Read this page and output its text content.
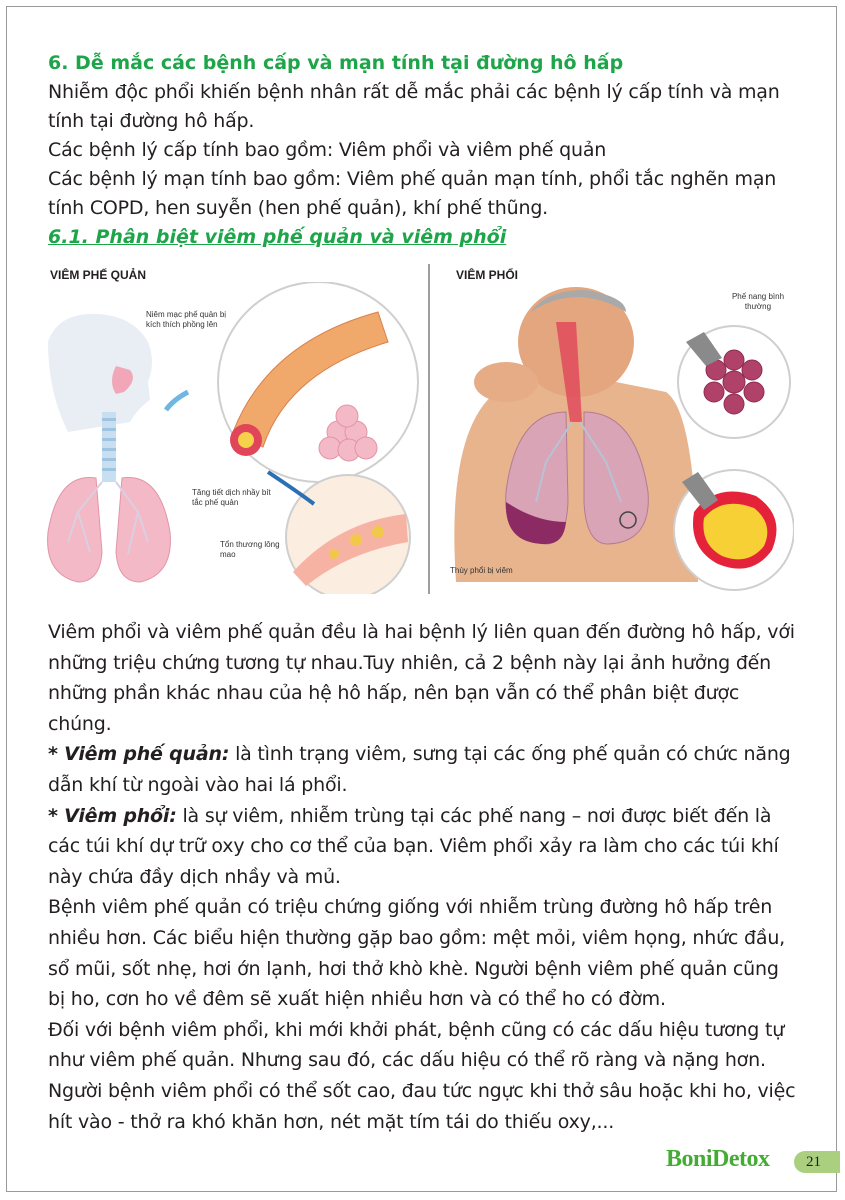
6. Dễ mắc các bệnh cấp và mạn tính tại đường hô hấp

Nhiễm độc phổi khiến bệnh nhân rất dễ mắc phải các bệnh lý cấp tính và mạn tính tại đường hô hấp.

Các bệnh lý cấp tính bao gồm: Viêm phổi và viêm phế quản

Các bệnh lý mạn tính bao gồm: Viêm phế quản mạn tính, phổi tắc nghẽn mạn tính COPD, hen suyễn (hen phế quản), khí phế thũng.

6.1. Phân biệt viêm phế quản và viêm phổi

VIÊM PHẾ QUẢN
Niêm mạc phế quản bị kích thích phồng lên
Tăng tiết dịch nhầy bít tắc phế quản
Tổn thương lông mao
VIÊM PHỔI
Phế nang bình thường
Thùy phổi bị viêm

Viêm phổi và viêm phế quản đều là hai bệnh lý liên quan đến đường hô hấp, với những triệu chứng tương tự nhau.Tuy nhiên, cả 2 bệnh này lại ảnh hưởng đến những phần khác nhau của hệ hô hấp, nên bạn vẫn có thể phân biệt được chúng.

* Viêm phế quản: là tình trạng viêm, sưng tại các ống phế quản có chức năng dẫn khí từ ngoài vào hai lá phổi.

* Viêm phổi: là sự viêm, nhiễm trùng tại các phế nang – nơi được biết đến là các túi khí dự trữ oxy cho cơ thể của bạn. Viêm phổi xảy ra làm cho các túi khí này chứa đầy dịch nhầy và mủ.

Bệnh viêm phế quản có triệu chứng giống với nhiễm trùng đường hô hấp trên nhiều hơn. Các biểu hiện thường gặp bao gồm: mệt mỏi, viêm họng, nhức đầu, sổ mũi, sốt nhẹ, hơi ớn lạnh, hơi thở khò khè. Người bệnh viêm phế quản cũng bị ho, cơn ho về đêm sẽ xuất hiện nhiều hơn và có thể ho có đờm.

Đối với bệnh viêm phổi, khi mới khởi phát, bệnh cũng có các dấu hiệu tương tự như viêm phế quản. Nhưng sau đó, các dấu hiệu có thể rõ ràng và nặng hơn. Người bệnh viêm phổi có thể sốt cao, đau tức ngực khi thở sâu hoặc khi ho, việc hít vào - thở ra khó khăn hơn, nét mặt tím tái do thiếu oxy,...

BoniDetox 21
